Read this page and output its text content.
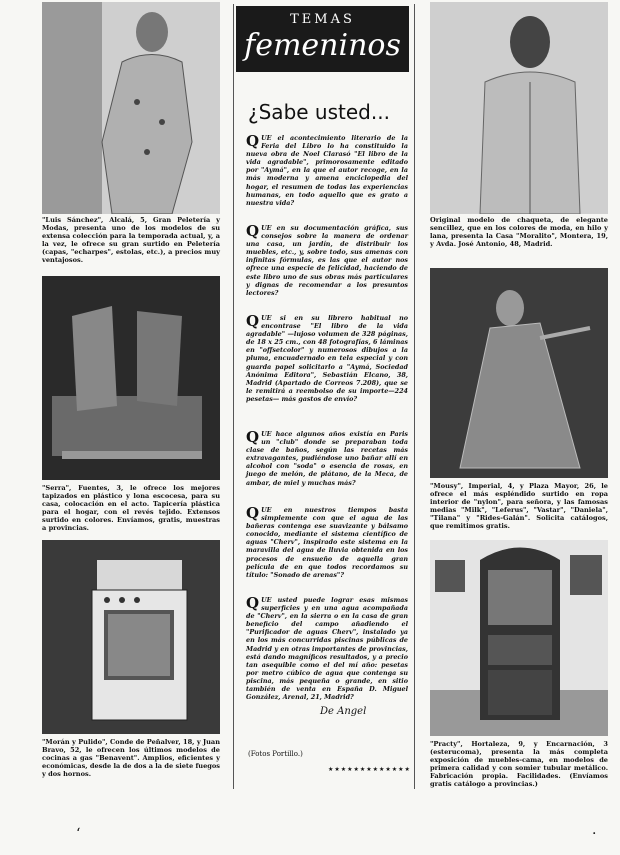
"Luis Sánchez", Alcalá, 5, Gran Peletería y Modas, presenta uno de los modelos de su extensa colección para la temporada actual, y, a la vez, le ofrece su gran surtido en Peletería (capas, "echarpes", estolas, etc.), a precios muy ventajosos.
"Serra", Fuentes, 3, le ofrece los mejores tapizados en plástico y lona escocesa, para su casa, colocación en el acto. Tapicería plástica para el hogar, con el revés tejido. Extensos surtido en colores. Envíamos, gratis, muestras a provincias.
"Morán y Pulido", Conde de Peñalver, 18, y Juan Bravo, 52, le ofrecen los últimos modelos de cocinas a gas "Benavent". Amplios, eficientes y económicas, desde la de dos a la de siete fuegos y dos hornos.
TEMAS
femeninos
¿Sabe usted...
Q UE el acontecimiento literario de la Feria del Libro lo ha constituido la nueva obra de Noel Clarasó "El libro de la vida agradable", primorosamente editado por "Aymá", en la que el autor recoge, en la más moderna y amena enciclopedia del hogar, el resumen de todas las experiencias humanas, en todo aquello que es grato a nuestra vida?
Q UE en su documentación gráfica, sus consejos sobre la manera de ordenar una casa, un jardín, de distribuir los muebles, etc., y, sobre todo, sus amenas con infinitas fórmulas, es las que el autor nos ofrece una especie de felicidad, haciendo de este libro uno de sus obras más particulares y dignas de recomendar a los presuntos lectores?
Q UE si en su librero habitual no encontrase "El libro de la vida agradable" —lujoso volumen de 328 páginas, de 18 x 25 cm., con 48 fotografías, 6 láminas en "offsetcolor" y numerosos dibujos a la pluma, encuadernado en tela especial y con guarda papel solicitarlo a "Aymá, Sociedad Anónima Editora", Sebastián Elcano, 38, Madrid (Apartado de Correos 7.208), que se le remitirá a reembolso de su importe—224 pesetas— más gastos de envío?
Q UE hace algunos años existía en Paris un "club" donde se preparaban toda clase de baños, según las recetas más extravagantes, pudiéndose uno bañar allí en alcohol con "soda" o esencia de rosas, en juego de melón, de plátano, de la Meca, de ambar, de miel y muchas más?
Q UE en nuestros tiempos basta simplemente con que el agua de las bañeras contenga ese suavizante y bálsamo conocido, mediante el sistema científico de aguas "Cherv", inspirado este sistema en la maravilla del agua de lluvia obtenida en los procesos de ensueño de aquella gran película de en que todos recordamos su título: "Sonado de arenas"?
Q UE usted puede lograr esas mismas superficies y en una agua acompañada de "Cherv", en la sierra o en la casa de gran beneficio del campo añadiendo el "Purificador de aguas Cherv", instalado ya en los más concurridas piscinas públicas de Madrid y en otras importantes de provincias, está dando magníficos resultados, y a precio tan asequible como el del mí año: pesetas por metro cúbico de agua que contenga su piscina, más pequeña o grande, en sitio también de venta en España D. Miguel González, Arenal, 21, Madrid?
De Angel
(Fotos Portillo.)
★★★★★★★★★★★★★
Original modelo de chaqueta, de elegante sencillez, que en los colores de moda, en hilo y lana, presenta la Casa "Moralito", Montera, 19, y Avda. José Antonio, 48, Madrid.
"Mousy", Imperial, 4, y Plaza Mayor, 26, le ofrece el más espléndido surtido en ropa interior de "nylon", para señora, y las famosas medias "Milk", "Leferus", "Vastar", "Daniela", "Tilana" y "Rides-Galán". Solicita catálogos, que remitimos gratis.
"Practy", Hortaleza, 9, y Encarnación, 3 (esterucoma), presenta la más completa exposición de muebles-cama, en modelos de primera calidad y con somier tubular metálico. Fabricación propia. Facilidades. (Envíamos gratis catálogo a provincias.)
‘	·
